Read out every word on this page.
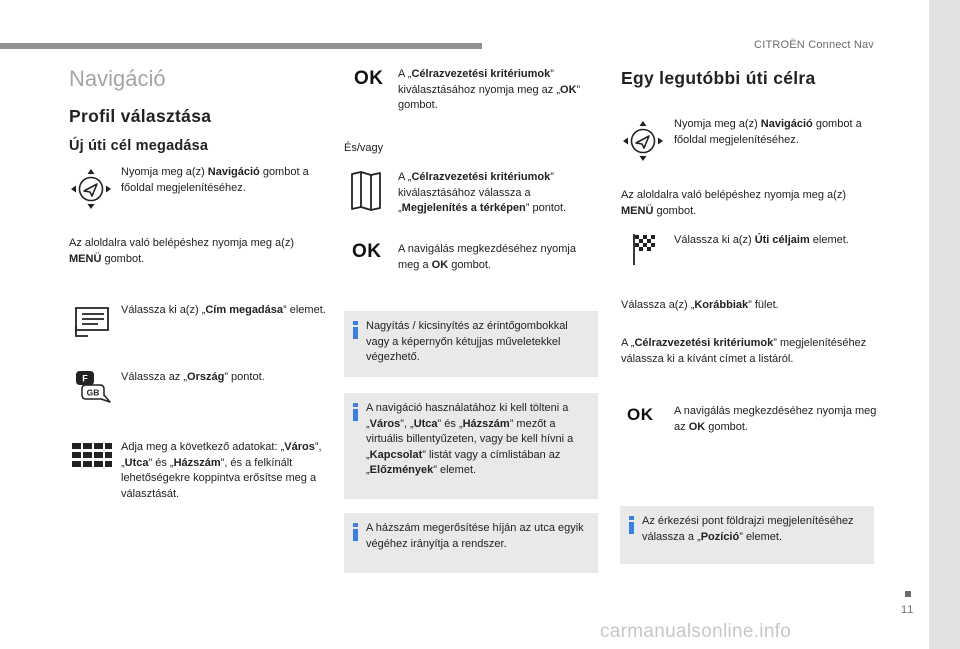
CITROËN Connect Nav
11
carmanualsonline.info
Navigáció
Profil választása
Új úti cél megadása
Nyomja meg a(z) Navigáció gombot a főoldal megjelenítéséhez.
Az aloldalra való belépéshez nyomja meg a(z) MENÜ gombot.
Válassza ki a(z) „Cím megadása” elemet.
F
GB
Válassza az „Ország” pontot.
Adja meg a következő adatokat: „Város”, „Utca” és „Házszám”, és a felkínált lehetőségekre koppintva erősítse meg a választását.
OK A „Célrazvezetési kritériumok” kiválasztásához nyomja meg az „OK” gombot.
És/vagy
A „Célrazvezetési kritériumok” kiválasztásához válassza a „Megjelenítés a térképen” pontot.
OK A navigálás megkezdéséhez nyomja meg a OK gombot.
Nagyítás / kicsinyítés az érintőgombokkal vagy a képernyőn kétujjas műveletekkel végezhető.
A navigáció használatához ki kell tölteni a „Város”, „Utca” és „Házszám” mezőt a virtuális billentyűzeten, vagy be kell hívni a „Kapcsolat” listát vagy a címlistában az „Előzmények” elemet.
A házszám megerősítése híján az utca egyik végéhez irányítja a rendszer.
Egy legutóbbi úti célra
Nyomja meg a(z) Navigáció gombot a főoldal megjelenítéséhez.
Az aloldalra való belépéshez nyomja meg a(z) MENÜ gombot.
Válassza ki a(z) Úti céljaim elemet.
Válassza a(z) „Korábbiak” fület.
A „Célrazvezetési kritériumok” megjelenítéséhez válassza ki a kívánt címet a listáról.
OK A navigálás megkezdéséhez nyomja meg az OK gombot.
Az érkezési pont földrajzi megjelenítéséhez válassza a „Pozíció” elemet.
